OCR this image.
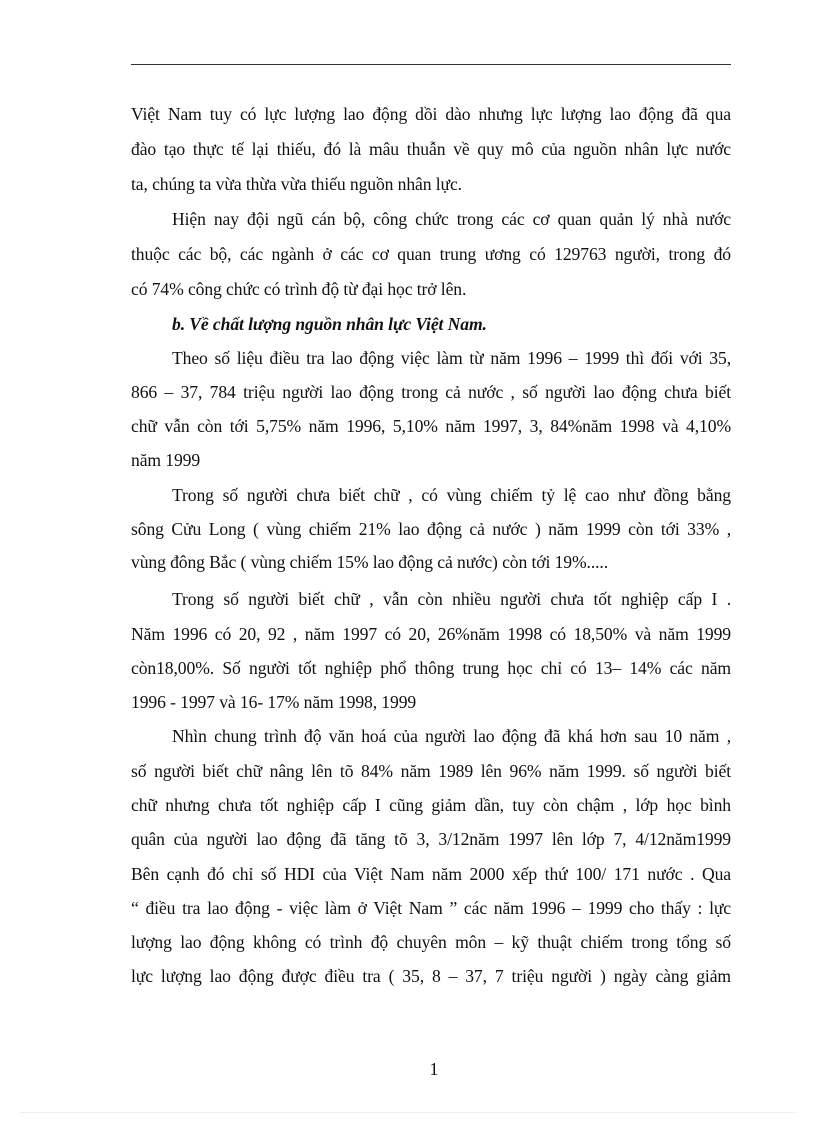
Việt Nam tuy có lực lượng lao động dồi dào nhưng lực lượng lao động đã qua
đào tạo thực tế lại thiếu, đó là mâu thuẫn về quy mô của nguồn nhân lực nước
ta, chúng ta vừa thừa vừa thiếu nguồn nhân lực.
Hiện nay đội ngũ cán bộ, công chức trong các cơ quan quản lý nhà nước
thuộc các bộ, các ngành ở các cơ quan trung ương có 129763 người, trong đó
có 74% công chức có trình độ từ đại học trở lên.
b. Về chất lượng nguồn nhân lực Việt Nam.
Theo số liệu điều tra lao động việc làm từ năm 1996 – 1999 thì đối với 35,
866 – 37, 784 triệu người lao động trong cả nước , số người lao động chưa biết
chữ vẫn còn tới 5,75% năm 1996, 5,10% năm 1997, 3, 84%năm 1998 và 4,10%
năm 1999
Trong số người chưa biết chữ , có vùng chiếm tỷ lệ cao như đồng bằng
sông Cửu Long ( vùng chiếm 21% lao động cả nước ) năm 1999 còn tới 33% ,
vùng đông Bắc ( vùng chiếm 15% lao động cả nước) còn tới 19%.....
Trong số người biết chữ , vẫn còn nhiều người chưa tốt nghiệp cấp I .
Năm 1996 có 20, 92 , năm 1997 có 20, 26%năm 1998 có 18,50% và năm 1999
còn18,00%. Số người tốt nghiệp phổ thông trung học chỉ có 13– 14% các năm
1996 - 1997 và 16- 17% năm 1998, 1999
Nhìn chung trình độ văn hoá của người lao động đã khá hơn sau 10 năm ,
số người biết chữ nâng lên tõ 84% năm 1989 lên 96% năm 1999. số người biết
chữ nhưng chưa tốt nghiệp cấp I cũng giảm dần, tuy còn chậm , lớp học bình
quân của người lao động đã tăng tõ 3, 3/12năm 1997 lên lớp 7, 4/12năm1999
Bên cạnh đó chỉ số HDI của Việt Nam năm 2000 xếp thứ 100/ 171 nước . Qua
“ điều tra lao động - việc làm ở Việt Nam ” các năm 1996 – 1999 cho thấy : lực
lượng lao động không có trình độ chuyên môn – kỹ thuật chiếm trong tổng số
lực lượng lao động được điều tra ( 35, 8 – 37, 7 triệu người ) ngày càng giảm
1
